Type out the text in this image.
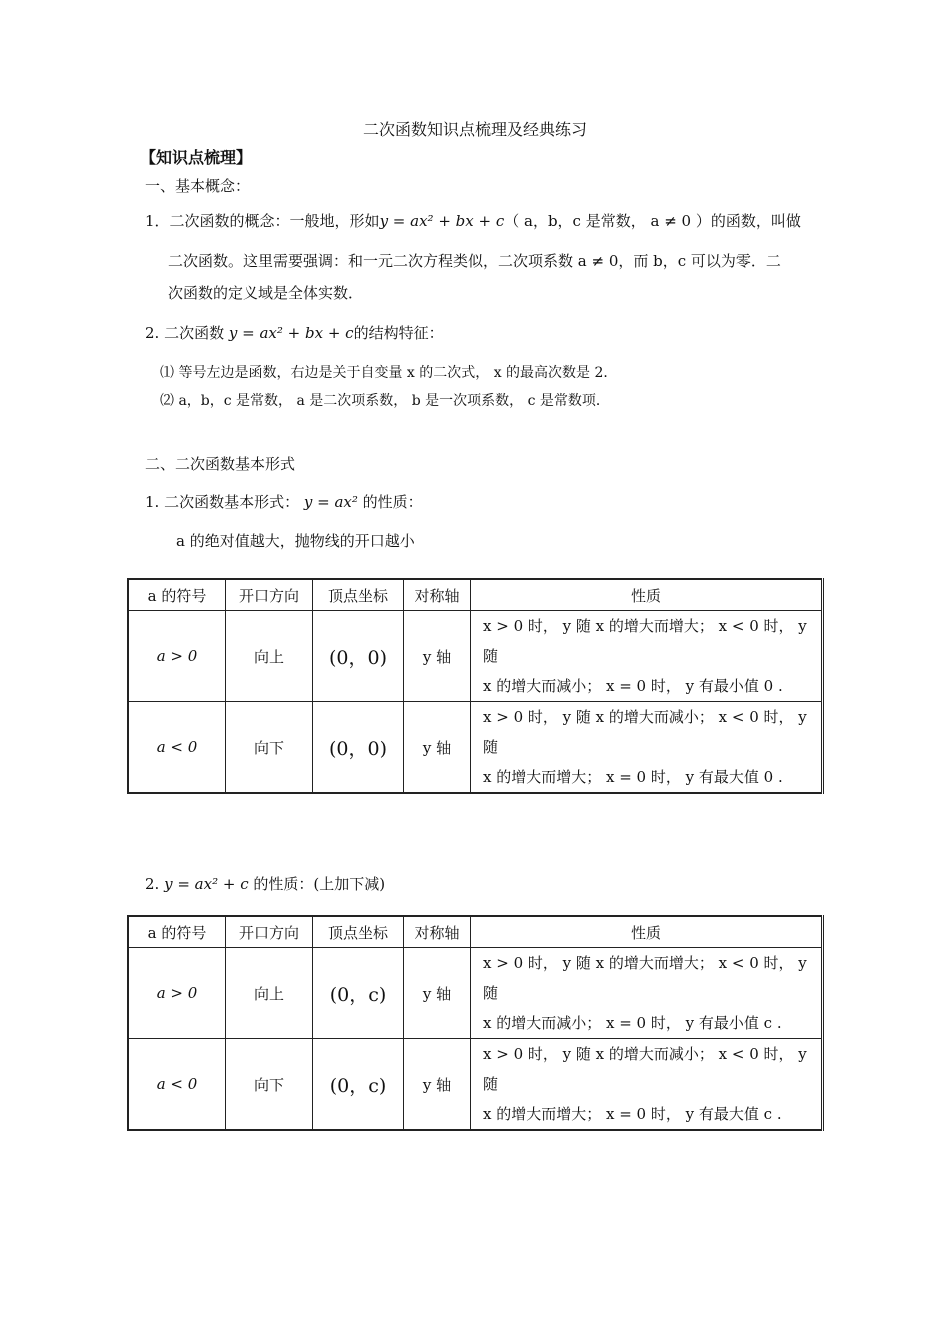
二次函数知识点梳理及经典练习
【知识点梳理】
一、基本概念：
1．二次函数的概念：一般地，形如y = ax² + bx + c（ a，b，c 是常数， a ≠ 0 ）的函数，叫做
二次函数。这里需要强调：和一元二次方程类似，二次项系数 a ≠ 0，而 b，c 可以为零．二
次函数的定义域是全体实数．
2. 二次函数 y = ax² + bx + c的结构特征：
⑴ 等号左边是函数，右边是关于自变量 x 的二次式， x 的最高次数是 2．
⑵ a，b，c 是常数， a 是二次项系数， b 是一次项系数， c 是常数项．
二、二次函数基本形式
1. 二次函数基本形式： y = ax² 的性质：
a 的绝对值越大，抛物线的开口越小
a 的符号	开口方向	顶点坐标	对称轴	性质
a > 0	向上	(0，0)	y 轴	x > 0 时， y 随 x 的增大而增大； x < 0 时， y 随
x 的增大而减小； x = 0 时， y 有最小值 0 .

a < 0	向下	(0，0)	y 轴	x > 0 时， y 随 x 的增大而减小； x < 0 时， y 随
x 的增大而增大； x = 0 时， y 有最大值 0 .
2. y = ax² + c 的性质：(上加下减)
a 的符号	开口方向	顶点坐标	对称轴	性质
a > 0	向上	(0，c)	y 轴	x > 0 时， y 随 x 的增大而增大； x < 0 时， y 随
x 的增大而减小； x = 0 时， y 有最小值 c .

a < 0	向下	(0，c)	y 轴	x > 0 时， y 随 x 的增大而减小； x < 0 时， y 随
x 的增大而增大； x = 0 时， y 有最大值 c .
